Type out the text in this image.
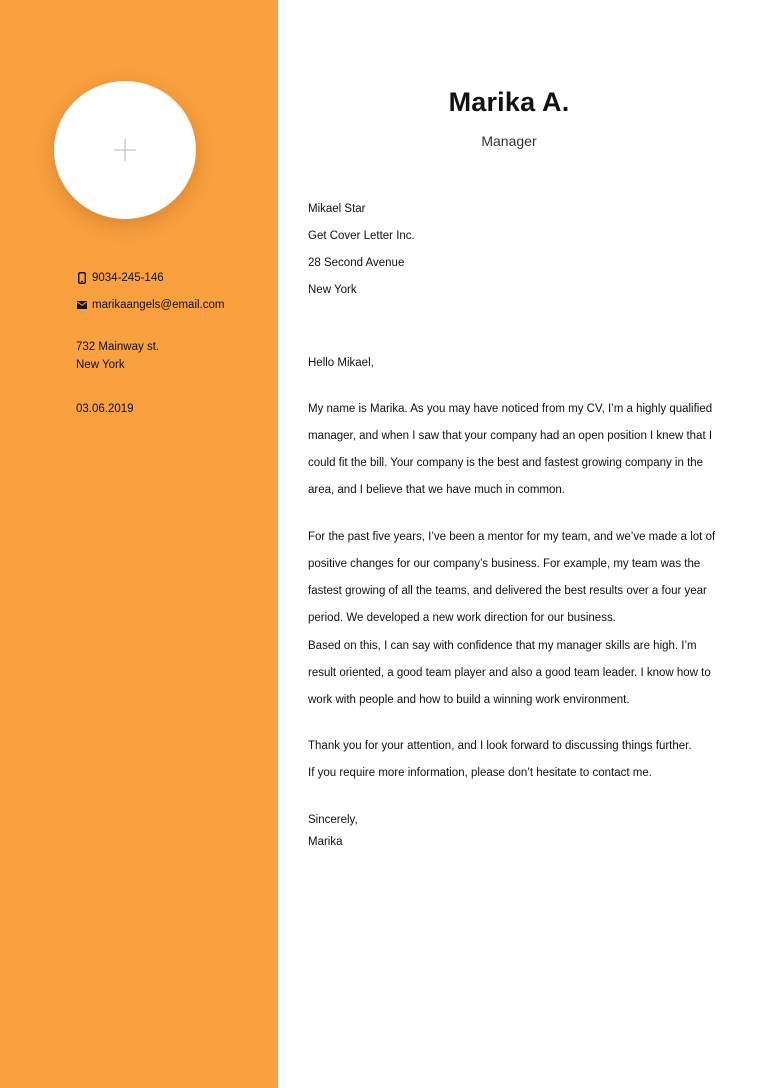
9034-245-146
marikaangels@email.com
732 Mainway st.
New York
03.06.2019
Marika A.
Manager
Mikael Star
Get Cover Letter Inc.
28 Second Avenue
New York
Hello Mikael,
My name is Marika. As you may have noticed from my CV, I’m a highly qualified
manager, and when I saw that your company had an open position I knew that I
could fit the bill. Your company is the best and fastest growing company in the
area, and I believe that we have much in common.
For the past five years, I’ve been a mentor for my team, and we’ve made a lot of
positive changes for our company’s business. For example, my team was the
fastest growing of all the teams, and delivered the best results over a four year
period. We developed a new work direction for our business.
Based on this, I can say with confidence that my manager skills are high. I’m
result oriented, a good team player and also a good team leader. I know how to
work with people and how to build a winning work environment.
Thank you for your attention, and I look forward to discussing things further.
If you require more information, please don’t hesitate to contact me.
Sincerely,
Marika
